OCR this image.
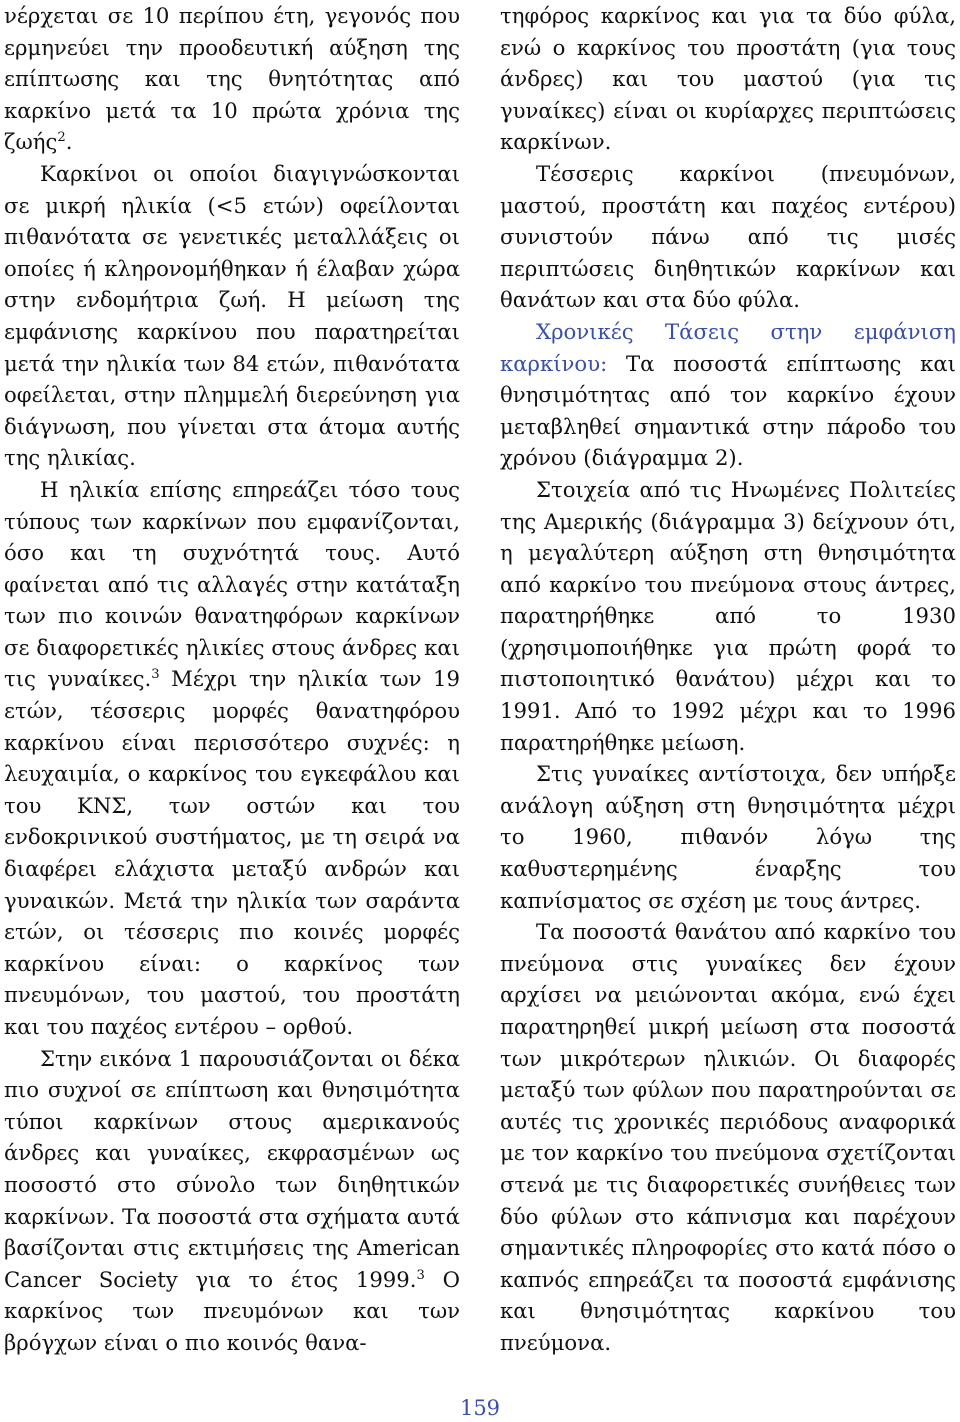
νέρχεται σε 10 περίπου έτη, γεγονός που ερμηνεύει την προοδευτική αύξηση της επίπτωσης και της θνητότητας από καρκίνο μετά τα 10 πρώτα χρόνια της ζωής$^2$.

Καρκίνοι οι οποίοι διαγιγνώσκονται σε μικρή ηλικία (<5 ετών) οφείλονται πιθανότατα σε γενετικές μεταλλάξεις οι οποίες ή κληρονομήθηκαν ή έλαβαν χώρα στην ενδομήτρια ζωή. Η μείωση της εμφάνισης καρκίνου που παρατηρείται μετά την ηλικία των 84 ετών, πιθανότατα οφείλεται, στην πλημμελή διερεύνηση για διάγνωση, που γίνεται στα άτομα αυτής της ηλικίας.

Η ηλικία επίσης επηρεάζει τόσο τους τύπους των καρκίνων που εμφανίζονται, όσο και τη συχνότητά τους. Αυτό φαίνεται από τις αλλαγές στην κατάταξη των πιο κοινών θανατηφόρων καρκίνων σε διαφορετικές ηλικίες στους άνδρες και τις γυναίκες.$^3$ Μέχρι την ηλικία των 19 ετών, τέσσερις μορφές θανατηφόρου καρκίνου είναι περισσότερο συχνές: η λευχαιμία, ο καρκίνος του εγκεφάλου και του ΚΝΣ, των οστών και του ενδοκρινικού συστήματος, με τη σειρά να διαφέρει ελάχιστα μεταξύ ανδρών και γυναικών. Μετά την ηλικία των σαράντα ετών, οι τέσσερις πιο κοινές μορφές καρκίνου είναι: ο καρκίνος των πνευμόνων, του μαστού, του προστάτη και του παχέος εντέρου – ορθού.

Στην εικόνα 1 παρουσιάζονται οι δέκα πιο συχνοί σε επίπτωση και θνησιμότητα τύποι καρκίνων στους αμερικανούς άνδρες και γυναίκες, εκφρασμένων ως ποσοστό στο σύνολο των διηθητικών καρκίνων. Τα ποσοστά στα σχήματα αυτά βασίζονται στις εκτιμήσεις της American Cancer Society για το έτος 1999.$^3$ Ο καρκίνος των πνευμόνων και των βρόγχων είναι ο πιο κοινός θανα-

τηφόρος καρκίνος και για τα δύο φύλα, ενώ ο καρκίνος του προστάτη (για τους άνδρες) και του μαστού (για τις γυναίκες) είναι οι κυρίαρχες περιπτώσεις καρκίνων.

Τέσσερις καρκίνοι (πνευμόνων, μαστού, προστάτη και παχέος εντέρου) συνιστούν πάνω από τις μισές περιπτώσεις διηθητικών καρκίνων και θανάτων και στα δύο φύλα.

Χρονικές Τάσεις στην εμφάνιση καρκίνου: Τα ποσοστά επίπτωσης και θνησιμότητας από τον καρκίνο έχουν μεταβληθεί σημαντικά στην πάροδο του χρόνου (διάγραμμα 2).

Στοιχεία από τις Ηνωμένες Πολιτείες της Αμερικής (διάγραμμα 3) δείχνουν ότι, η μεγαλύτερη αύξηση στη θνησιμότητα από καρκίνο του πνεύμονα στους άντρες, παρατηρήθηκε από το 1930 (χρησιμοποιήθηκε για πρώτη φορά το πιστοποιητικό θανάτου) μέχρι και το 1991. Από το 1992 μέχρι και το 1996 παρατηρήθηκε μείωση.

Στις γυναίκες αντίστοιχα, δεν υπήρξε ανάλογη αύξηση στη θνησιμότητα μέχρι το 1960, πιθανόν λόγω της καθυστερημένης έναρξης του καπνίσματος σε σχέση με τους άντρες.

Τα ποσοστά θανάτου από καρκίνο του πνεύμονα στις γυναίκες δεν έχουν αρχίσει να μειώνονται ακόμα, ενώ έχει παρατηρηθεί μικρή μείωση στα ποσοστά των μικρότερων ηλικιών. Οι διαφορές μεταξύ των φύλων που παρατηρούνται σε αυτές τις χρονικές περιόδους αναφορικά με τον καρκίνο του πνεύμονα σχετίζονται στενά με τις διαφορετικές συνήθειες των δύο φύλων στο κάπνισμα και παρέχουν σημαντικές πληροφορίες στο κατά πόσο ο καπνός επηρεάζει τα ποσοστά εμφάνισης και θνησιμότητας καρκίνου του πνεύμονα.

159
